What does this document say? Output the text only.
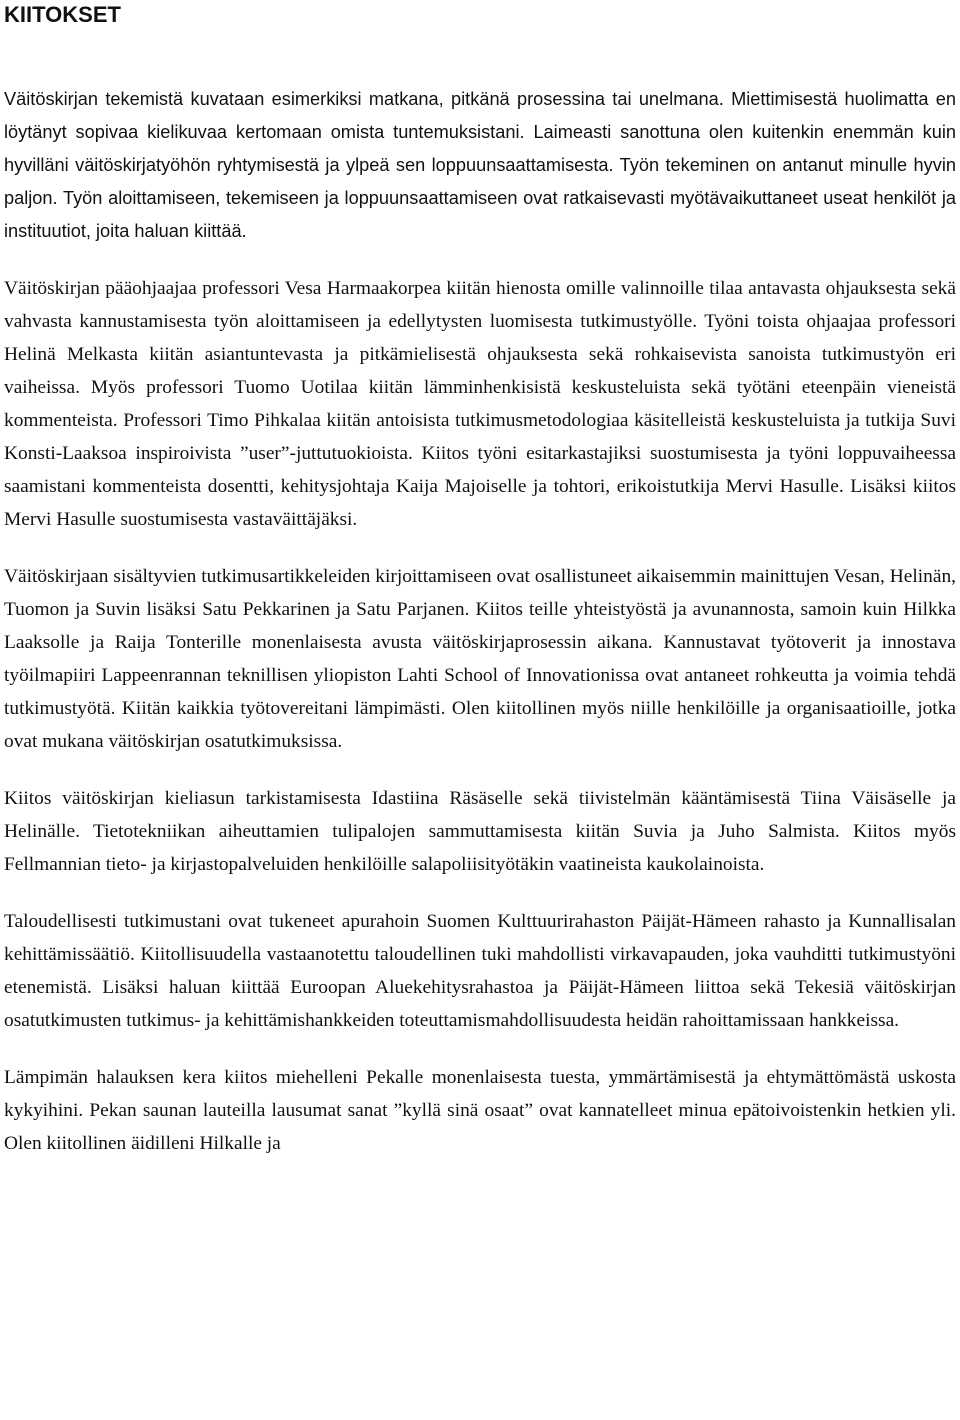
KIITOKSET

Väitöskirjan tekemistä kuvataan esimerkiksi matkana, pitkänä prosessina tai unelmana. Miettimisestä huolimatta en löytänyt sopivaa kielikuvaa kertomaan omista tuntemuksistani. Laimeasti sanottuna olen kuitenkin enemmän kuin hyvilläni väitöskirjatyöhön ryhtymisestä ja ylpeä sen loppuunsaattamisesta. Työn tekeminen on antanut minulle hyvin paljon. Työn aloittamiseen, tekemiseen ja loppuunsaattamiseen ovat ratkaisevasti myötävaikuttaneet useat henkilöt ja instituutiot, joita haluan kiittää.

Väitöskirjan pääohjaajaa professori Vesa Harmaakorpea kiitän hienosta omille valinnoille tilaa antavasta ohjauksesta sekä vahvasta kannustamisesta työn aloittamiseen ja edellytysten luomisesta tutkimustyölle. Työni toista ohjaajaa professori Helinä Melkasta kiitän asiantuntevasta ja pitkämielisestä ohjauksesta sekä rohkaisevista sanoista tutkimustyön eri vaiheissa. Myös professori Tuomo Uotilaa kiitän lämminhenkisistä keskusteluista sekä työtäni eteenpäin vieneistä kommenteista. Professori Timo Pihkalaa kiitän antoisista tutkimusmetodologiaa käsitelleistä keskusteluista ja tutkija Suvi Konsti-Laaksoa inspiroivista ”user”-juttutuokioista. Kiitos työni esitarkastajiksi suostumisesta ja työni loppuvaiheessa saamistani kommenteista dosentti, kehitysjohtaja Kaija Majoiselle ja tohtori, erikoistutkija Mervi Hasulle. Lisäksi kiitos Mervi Hasulle suostumisesta vastaväittäjäksi.

Väitöskirjaan sisältyvien tutkimusartikkeleiden kirjoittamiseen ovat osallistuneet aikaisemmin mainittujen Vesan, Helinän, Tuomon ja Suvin lisäksi Satu Pekkarinen ja Satu Parjanen. Kiitos teille yhteistyöstä ja avunannosta, samoin kuin Hilkka Laaksolle ja Raija Tonterille monenlaisesta avusta väitöskirjaprosessin aikana. Kannustavat työtoverit ja innostava työilmapiiri Lappeenrannan teknillisen yliopiston Lahti School of Innovationissa ovat antaneet rohkeutta ja voimia tehdä tutkimustyötä. Kiitän kaikkia työtovereitani lämpimästi. Olen kiitollinen myös niille henkilöille ja organisaatioille, jotka ovat mukana väitöskirjan osatutkimuksissa.

Kiitos väitöskirjan kieliasun tarkistamisesta Idastiina Räsäselle sekä tiivistelmän kääntämisestä Tiina Väisäselle ja Helinälle. Tietotekniikan aiheuttamien tulipalojen sammuttamisesta kiitän Suvia ja Juho Salmista. Kiitos myös Fellmannian tieto- ja kirjastopalveluiden henkilöille salapoliisityötäkin vaatineista kaukolainoista.

Taloudellisesti tutkimustani ovat tukeneet apurahoin Suomen Kulttuurirahaston Päijät-Hämeen rahasto ja Kunnallisalan kehittämissäätiö. Kiitollisuudella vastaanotettu taloudellinen tuki mahdollisti virkavapauden, joka vauhditti tutkimustyöni etenemistä. Lisäksi haluan kiittää Euroopan Aluekehitysrahastoa ja Päijät-Hämeen liittoa sekä Tekesiä väitöskirjan osatutkimusten tutkimus- ja kehittämishankkeiden toteuttamismahdollisuudesta heidän rahoittamissaan hankkeissa.

Lämpimän halauksen kera kiitos miehelleni Pekalle monenlaisesta tuesta, ymmärtämisestä ja ehtymättömästä uskosta kykyihini. Pekan saunan lauteilla lausumat sanat ”kyllä sinä osaat” ovat kannatelleet minua epätoivoistenkin hetkien yli. Olen kiitollinen äidilleni Hilkalle ja
